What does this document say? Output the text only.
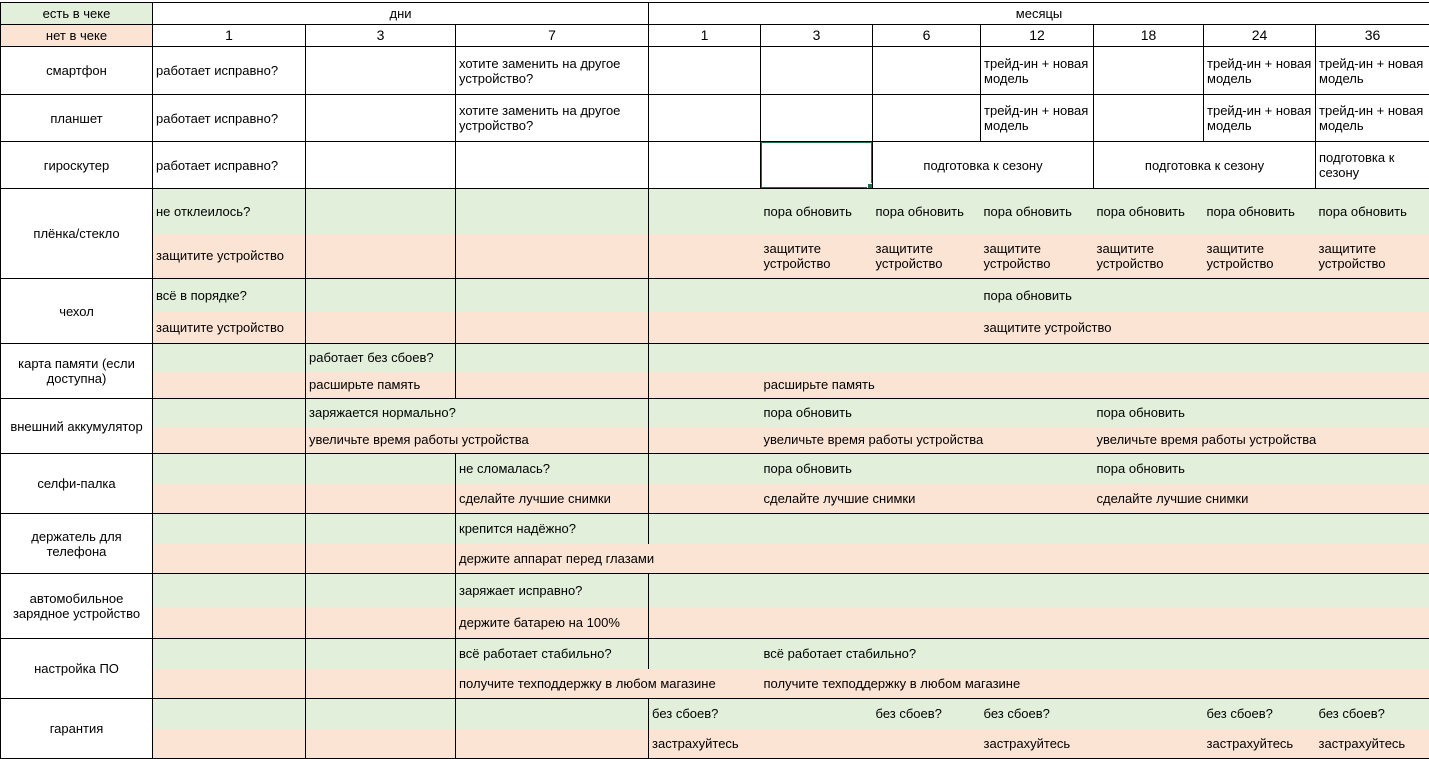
есть в чеке	дни			месяцы						
нет в чеке	1	3	7	1	3	6	12	18	24	36
смартфон	работает исправно?		хотите заменить на другое устройство?				трейд-ин + новая модель		трейд-ин + новая модель	трейд-ин + новая модель
планшет	работает исправно?		хотите заменить на другое устройство?				трейд-ин + новая модель		трейд-ин + новая модель	трейд-ин + новая модель
гироскутер	работает исправно?					подготовка к сезону		подготовка к сезону		подготовка к сезону
плёнка/стекло	не отклеилось?				пора обновить	пора обновить	пора обновить	пора обновить	пора обновить	пора обновить
	защитите устройство				защитите устройство	защитите устройство	защитите устройство	защитите устройство	защитите устройство	защитите устройство
чехол	всё в порядке?						пора обновить			
	защитите устройство						защитите устройство			
карта памяти (если доступна)		работает без сбоев?								
		расширьте память			расширьте память					
внешний аккумулятор		заряжается нормально?			пора обновить			пора обновить		
		увеличьте время работы устройства			увеличьте время работы устройства			увеличьте время работы устройства		
селфи-палка			не сломалась?		пора обновить			пора обновить		
			сделайте лучшие снимки		сделайте лучшие снимки			сделайте лучшие снимки		
держатель для телефона			крепится надёжно?							
			держите аппарат перед глазами							
автомобильное зарядное устройство			заряжает исправно?							
			держите батарею на 100%							
настройка ПО			всё работает стабильно?		всё работает стабильно?					
			получите техподдержку в любом магазине		получите техподдержку в любом магазине					
гарантия				без сбоев?		без сбоев?	без сбоев?		без сбоев?	без сбоев?
				застрахуйтесь			застрахуйтесь		застрахуйтесь	застрахуйтесь
